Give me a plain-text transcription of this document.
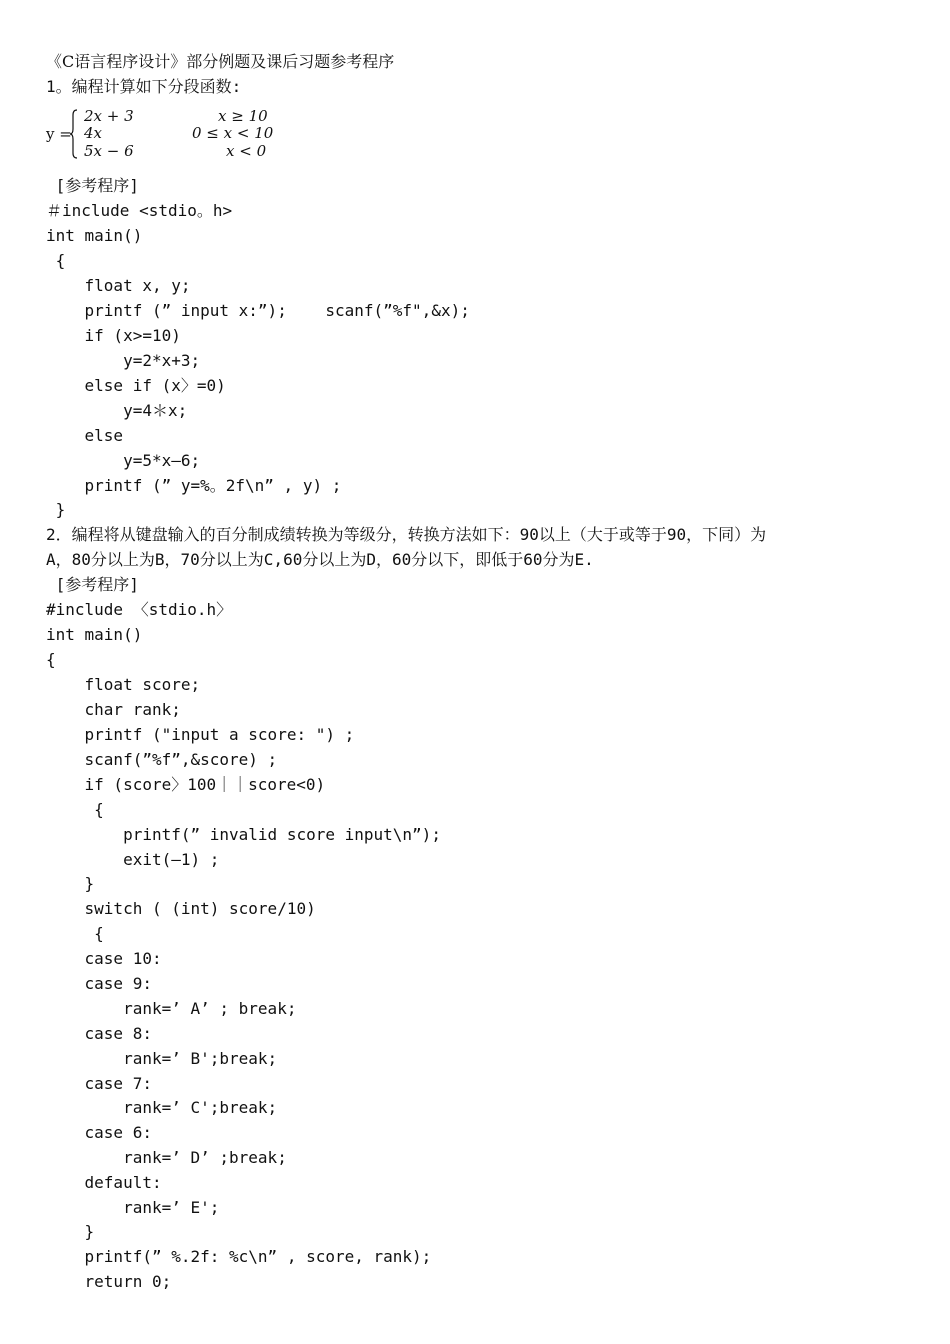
《C语言程序设计》部分例题及课后习题参考程序
1。编程计算如下分段函数:
y =
2x + 3	x ≥ 10
4x	0 ≤ x < 10
5x − 6	x < 0
[参考程序]
＃include <stdio。h>
int main()
{
float x, y;
printf (” input x:”);    scanf(”%f",&x);
if (x>=10)
y=2*x+3;
else if (x〉=0)
y=4＊x;
else
y=5*x—6;
printf (” y=%。2f\n” , y) ;
}
2．编程将从键盘输入的百分制成绩转换为等级分，转换方法如下：90以上（大于或等于90，下同）为
A，80分以上为B，70分以上为C,60分以上为D，60分以下，即低于60分为E.
[参考程序]
#include 〈stdio.h〉
int main()
{
float score;
char rank;
printf ("input a score: ") ;
scanf(”%f”,&score) ;
if (score〉100｜｜score<0)
{
printf(” invalid score input\n”);
exit(—1) ;
}
switch ( (int) score/10)
{
case 10:
case 9:
rank=’ A’ ; break;
case 8:
rank=’ B';break;
case 7:
rank=’ C';break;
case 6:
rank=’ D’ ;break;
default:
rank=’ E';
}
printf(” %.2f: %c\n” , score, rank);
return 0;
